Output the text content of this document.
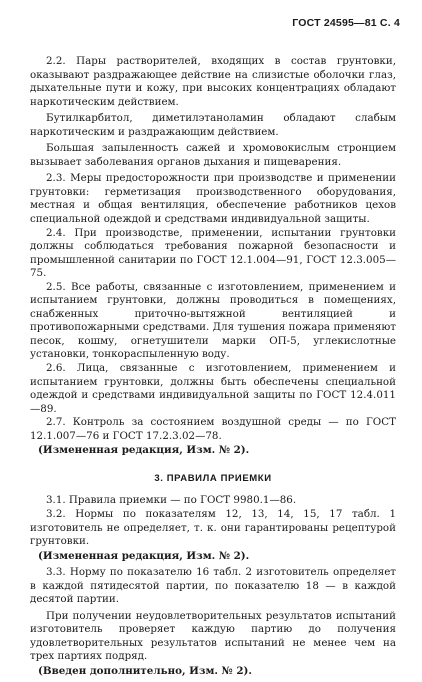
ГОСТ 24595—81 С. 4

2.2. Пары растворителей, входящих в состав грунтовки, оказывают раздражающее действие на слизистые оболочки глаз, дыхательные пути и кожу, при высоких концентрациях обладают наркотическим действием.

Бутилкарбитол, диметилэтаноламин обладают слабым наркотическим и раздражающим действием.

Большая запыленность сажей и хромовокислым стронцием вызывает заболевания органов дыхания и пищеварения.

2.3. Меры предосторожности при производстве и применении грунтовки: герметизация производственного оборудования, местная и общая вентиляция, обеспечение работников цехов специальной одеждой и средствами индивидуальной защиты.

2.4. При производстве, применении, испытании грунтовки должны соблюдаться требования пожарной безопасности и промышленной санитарии по ГОСТ 12.1.004—91, ГОСТ 12.3.005—75.

2.5. Все работы, связанные с изготовлением, применением и испытанием грунтовки, должны проводиться в помещениях, снабженных приточно-вытяжной вентиляцией и противопожарными средствами. Для тушения пожара применяют песок, кошму, огнетушители марки ОП-5, углекислотные установки, тонкораспыленную воду.

2.6. Лица, связанные с изготовлением, применением и испытанием грунтовки, должны быть обеспечены специальной одеждой и средствами индивидуальной защиты по ГОСТ 12.4.011—89.

2.7. Контроль за состоянием воздушной среды — по ГОСТ 12.1.007—76 и ГОСТ 17.2.3.02—78.

(Измененная редакция, Изм. № 2).

3. ПРАВИЛА ПРИЕМКИ

3.1. Правила приемки — по ГОСТ 9980.1—86.

3.2. Нормы по показателям 12, 13, 14, 15, 17 табл. 1 изготовитель не определяет, т. к. они гарантированы рецептурой грунтовки.

(Измененная редакция, Изм. № 2).

3.3. Норму по показателю 16 табл. 2 изготовитель определяет в каждой пятидесятой партии, по показателю 18 — в каждой десятой партии.

При получении неудовлетворительных результатов испытаний изготовитель проверяет каждую партию до получения удовлетворительных результатов испытаний не менее чем на трех партиях подряд.

(Введен дополнительно, Изм. № 2).
